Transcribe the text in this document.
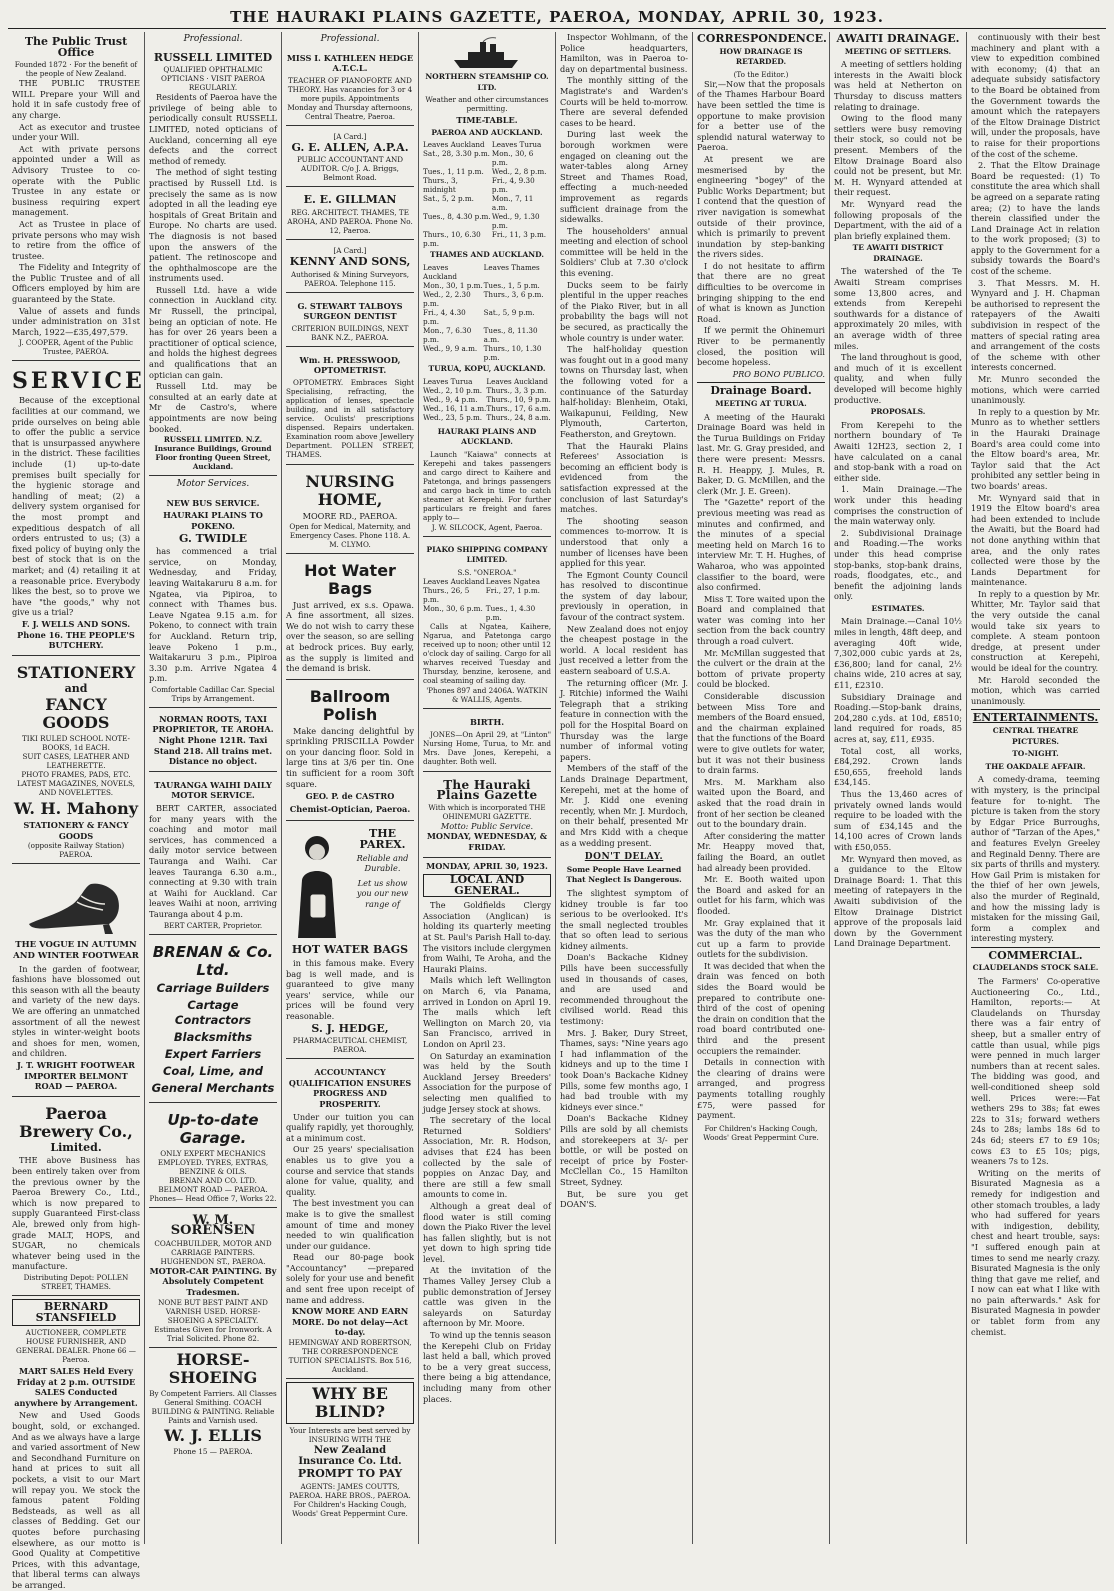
THE HAURAKI PLAINS GAZETTE, PAEROA, MONDAY, APRIL 30, 1923.
The Public Trust Office
Founded 1872 · For the benefit of the people of New Zealand.

THE PUBLIC TRUSTEE WILL Prepare your Will and hold it in safe custody free of any charge.

Act as executor and trustee under your Will.

Act with private persons appointed under a Will as Advisory Trustee to co-operate with the Public Trustee in any estate or business requiring expert management.

Act as Trustee in place of private persons who may wish to retire from the office of trustee.

The Fidelity and Integrity of the Public Trustee and of all Officers employed by him are guaranteed by the State.

Value of assets and funds under administration on 31st March, 1922—£35,497,579.

J. COOPER, Agent of the Public Trustee, PAEROA.
SERVICE

Because of the exceptional facilities at our command, we pride ourselves on being able to offer the public a service that is unsurpassed anywhere in the district. These facilities include (1) up-to-date premises built specially for the hygienic storage and handling of meat; (2) a delivery system organised for the most prompt and expeditious despatch of all orders entrusted to us; (3) a fixed policy of buying only the best of stock that is on the market; and (4) retailing it at a reasonable price. Everybody likes the best, so to prove we have "the goods," why not give us a trial?

F. J. WELLS AND SONS. Phone 16. THE PEOPLE'S BUTCHERY.
STATIONERY
and
FANCY GOODS
TIKI RULED SCHOOL NOTE-BOOKS, 1d EACH.
SUIT CASES, LEATHER AND LEATHERETTE.
PHOTO FRAMES, PADS, ETC.
LATEST MAGAZINES, NOVELS, AND NOVELETTES.
W. H. Mahony
STATIONERY & FANCY GOODS
(opposite Railway Station) PAEROA.
THE VOGUE IN AUTUMN AND WINTER FOOTWEAR

In the garden of footwear, fashions have blossomed out this season with all the beauty and variety of the new days. We are offering an unmatched assortment of all the newest styles in winter-weight boots and shoes for men, women, and children.

J. T. WRIGHT FOOTWEAR IMPORTER BELMONT ROAD — PAEROA.
Paeroa Brewery Co.,
Limited.

THE above Business has been entirely taken over from the previous owner by the Paeroa Brewery Co., Ltd., which is now prepared to supply Guaranteed First-class Ale, brewed only from high-grade MALT, HOPS, and SUGAR, no chemicals whatever being used in the manufacture.

Distributing Depot: POLLEN STREET, THAMES.
BERNARD STANSFIELD
AUCTIONEER, COMPLETE HOUSE FURNISHER, AND GENERAL DEALER. Phone 66 — Paeroa.
MART SALES Held Every Friday at 2 p.m. OUTSIDE SALES Conducted anywhere by Arrangement.

New and Used Goods bought, sold, or exchanged. And as we always have a large and varied assortment of New and Secondhand Furniture on hand at prices to suit all pockets, a visit to our Mart will repay you. We stock the famous patent Folding Bedsteads, as well as all classes of Bedding. Get our quotes before purchasing elsewhere, as our motto is Good Quality at Competitive Prices, with this advantage, that liberal terms can always be arranged.

Professional.
RUSSELL LIMITED
QUALIFIED OPHTHALMIC OPTICIANS · VISIT PAEROA REGULARLY.

Residents of Paeroa have the privilege of being able to periodically consult RUSSELL LIMITED, noted opticians of Auckland, concerning all eye defects and the correct method of remedy.

The method of sight testing practised by Russell Ltd. is precisely the same as is now adopted in all the leading eye hospitals of Great Britain and Europe. No charts are used. The diagnosis is not based upon the answers of the patient. The retinoscope and the ophthalmoscope are the instruments used.

Russell Ltd. have a wide connection in Auckland city. Mr Russell, the principal, being an optician of note. He has for over 26 years been a practitioner of optical science, and holds the highest degrees and qualifications that an optician can gain.

Russell Ltd. may be consulted at an early date at Mr de Castro's, where appointments are now being booked.

RUSSELL LIMITED. N.Z. Insurance Buildings, Ground Floor fronting Queen Street, Auckland.
Motor Services.
NEW BUS SERVICE.
HAURAKI PLAINS TO POKENO.
G. TWIDLE

has commenced a trial service, on Monday, Wednesday, and Friday, leaving Waitakaruru 8 a.m. for Ngatea, via Pipiroa, to connect with Thames bus. Leave Ngatea 9.15 a.m. for Pokeno, to connect with train for Auckland. Return trip, leave Pokeno 1 p.m., Waitakaruru 3 p.m., Pipiroa 3.30 p.m. Arrive Ngatea 4 p.m.

Comfortable Cadillac Car. Special Trips by Arrangement.
NORMAN ROOTS, TAXI PROPRIETOR, TE AROHA. Night Phone 121R. Taxi Stand 218. All trains met. Distance no object.
TAURANGA WAIHI DAILY MOTOR SERVICE.

BERT CARTER, associated for many years with the coaching and motor mail services, has commenced a daily motor service between Tauranga and Waihi. Car leaves Tauranga 6.30 a.m., connecting at 9.30 with train at Waihi for Auckland. Car leaves Waihi at noon, arriving Tauranga about 4 p.m.

BERT CARTER, Proprietor.
BRENAN & Co. Ltd.
Carriage Builders
Cartage Contractors
Blacksmiths
Expert Farriers
Coal, Lime, and
General Merchants
Up-to-date Garage.
ONLY EXPERT MECHANICS EMPLOYED. TYRES, EXTRAS, BENZINE & OILS.
BRENAN AND CO. LTD. BELMONT ROAD — PAEROA. Phones— Head Office 7, Works 22.
W. M. SORENSEN
COACHBUILDER, MOTOR AND CARRIAGE PAINTERS. HUGHENDON ST., PAEROA.
MOTOR-CAR PAINTING. By Absolutely Competent Tradesmen.
NONE BUT BEST PAINT AND VARNISH USED. HORSE-SHOEING A SPECIALTY.
Estimates Given for Ironwork. A Trial Solicited. Phone 82.
HORSE-SHOEING
By Competent Farriers. All Classes General Smithing. COACH BUILDING & PAINTING. Reliable Paints and Varnish used.
W. J. ELLIS
Phone 15 — PAEROA.
Professional.
MISS I. KATHLEEN HEDGE A.T.C.L.
TEACHER OF PIANOFORTE AND THEORY. Has vacancies for 3 or 4 more pupils. Appointments Monday and Thursday afternoons, Central Theatre, Paeroa.
[A Card.]
G. E. ALLEN, A.P.A.
PUBLIC ACCOUNTANT AND AUDITOR. C/o J. A. Briggs, Belmont Road.
E. E. GILLMAN
REG. ARCHITECT. THAMES, TE AROHA, AND PAEROA. Phone No. 12, Paeroa.
[A Card.]
KENNY AND SONS,
Authorised & Mining Surveyors, PAEROA. Telephone 115.
G. STEWART TALBOYS SURGEON DENTIST
CRITERION BUILDINGS, NEXT BANK N.Z., PAEROA.
Wm. H. PRESSWOOD, OPTOMETRIST.

OPTOMETRY. Embraces Sight Specialising, refracting, the application of lenses, spectacle building, and in all satisfactory service. Oculists' prescriptions dispensed. Repairs undertaken. Examination room above Jewellery Department. POLLEN STREET, THAMES.

NURSING HOME,
MOORE RD., PAEROA.
Open for Medical, Maternity, and Emergency Cases. Phone 118. A. M. CLYMO.
Hot Water Bags

Just arrived, ex s.s. Opawa. A fine assortment, all sizes. We do not wish to carry these over the season, so are selling at bedrock prices. Buy early, as the supply is limited and the demand is brisk.

Ballroom Polish

Make dancing delightful by sprinkling PRISCILLA Powder on your dancing floor. Sold in large tins at 3/6 per tin. One tin sufficient for a room 30ft square.

GEO. P. de CASTRO
Chemist-Optician, Paeroa.
THE PAREX.
Reliable and Durable.
Let us show you our new range of
HOT WATER BAGS

in this famous make. Every bag is well made, and is guaranteed to give many years' service, while our prices will be found very reasonable.

S. J. HEDGE,
PHARMACEUTICAL CHEMIST, PAEROA.
ACCOUNTANCY QUALIFICATION ENSURES PROGRESS AND PROSPERITY.

Under our tuition you can qualify rapidly, yet thoroughly, at a minimum cost.

Our 25 years' specialisation enables us to give you a course and service that stands alone for value, quality, and quality.

The best investment you can make is to give the smallest amount of time and money needed to win qualification under our guidance.

Read our 80-page book "Accountancy" —prepared solely for your use and benefit and sent free upon receipt of name and address.

KNOW MORE AND EARN MORE. Do not delay—Act to-day.
HEMINGWAY AND ROBERTSON, THE CORRESPONDENCE TUITION SPECIALISTS. Box 516, Auckland.
WHY BE BLIND?
Your Interests are best served by INSURING WITH THE
New Zealand Insurance Co. Ltd.
PROMPT TO PAY
AGENTS: JAMES COUTTS, PAEROA. HARE BROS., PAEROA.
For Children's Hacking Cough, Woods' Great Peppermint Cure.
NORTHERN STEAMSHIP CO. LTD.
Weather and other circumstances permitting.
TIME-TABLE.
PAEROA AND AUCKLAND.
Leaves Auckland	Leaves Turua
Sat., 28, 3.30 p.m.	Mon., 30, 6 p.m.
Tues., 1, 11 p.m.	Wed., 2, 8 p.m.
Thurs., 3, midnight	Fri., 4, 9.30 p.m.
Sat., 5, 2 p.m.	Mon., 7, 11 a.m.
Tues., 8, 4.30 p.m.	Wed., 9, 1.30 p.m.
Thurs., 10, 6.30 p.m.	Fri., 11, 3 p.m.
THAMES AND AUCKLAND.
Leaves Auckland	Leaves Thames
Mon., 30, 1 p.m.	Tues., 1, 5 p.m.
Wed., 2, 2.30 p.m.	Thurs., 3, 6 p.m.
Fri., 4, 4.30 p.m.	Sat., 5, 9 p.m.
Mon., 7, 6.30 p.m.	Tues., 8, 11.30 a.m.
Wed., 9, 9 a.m.	Thurs., 10, 1.30 p.m.
TURUA, KOPU, AUCKLAND.
Leaves Turua	Leaves Auckland
Wed., 2, 10 p.m.	Thurs., 3, 3 p.m.
Wed., 9, 4 p.m.	Thurs., 10, 9 p.m.
Wed., 16, 11 a.m.	Thurs., 17, 6 a.m.
Wed., 23, 5 p.m.	Thurs., 24, 8 a.m.
HAURAKI PLAINS AND AUCKLAND.

Launch "Kaiawa" connects at Kerepehi and takes passengers and cargo direct to Kaihere and Patetonga, and brings passengers and cargo back in time to catch steamer at Kerepehi. For further particulars re freight and fares apply to—

J. W. SILCOCK, Agent, Paeroa.
PIAKO SHIPPING COMPANY LIMITED.
S.S. "ONEROA."
Leaves Auckland	Leaves Ngatea
Thurs., 26, 5 p.m.	Fri., 27, 1 p.m.
Mon., 30, 6 p.m.	Tues., 1, 4.30 p.m.

Calls at Ngatea, Kaihere, Ngarua, and Patetonga cargo received up to noon; other until 12 o'clock day of sailing. Cargo for all wharves received Tuesday and Thursday, benzine, kerosene, and coal steaming of sailing day.

'Phones 897 and 2406A. WATKIN & WALLIS, Agents.
BIRTH.

JONES—On April 29, at "Linton" Nursing Home, Turua, to Mr. and Mrs. Dave Jones, Kerepehi, a daughter. Both well.

The Hauraki Plains Gazette
With which is incorporated THE OHINEMURI GAZETTE.
Motto: Public Service.
MONDAY, WEDNESDAY, & FRIDAY.
MONDAY, APRIL 30, 1923.
LOCAL AND GENERAL.

The Goldfields Clergy Association (Anglican) is holding its quarterly meeting at St. Paul's Parish Hall to-day. The visitors include clergymen from Waihi, Te Aroha, and the Hauraki Plains.

Mails which left Wellington on March 6, via Panama, arrived in London on April 19. The mails which left Wellington on March 20, via San Francisco, arrived in London on April 23.

On Saturday an examination was held by the South Auckland Jersey Breeders' Association for the purpose of selecting men qualified to judge Jersey stock at shows.

The secretary of the local Returned Soldiers' Association, Mr. R. Hodson, advises that £24 has been collected by the sale of poppies on Anzac Day, and there are still a few small amounts to come in.

Although a great deal of flood water is still coming down the Piako River the level has fallen slightly, but is not yet down to high spring tide level.

At the invitation of the Thames Valley Jersey Club a public demonstration of Jersey cattle was given in the saleyards on Saturday afternoon by Mr. Moore.

To wind up the tennis season the Kerepehi Club on Friday last held a ball, which proved to be a very great success, there being a big attendance, including many from other places.

Inspector Wohlmann, of the Police headquarters, Hamilton, was in Paeroa to-day on departmental business.

The monthly sitting of the Magistrate's and Warden's Courts will be held to-morrow. There are several defended cases to be heard.

During last week the borough workmen were engaged on cleaning out the water-tables along Arney Street and Thames Road, effecting a much-needed improvement as regards sufficient drainage from the sidewalks.

The householders' annual meeting and election of school committee will be held in the Soldiers' Club at 7.30 o'clock this evening.

Ducks seem to be fairly plentiful in the upper reaches of the Piako River, but in all probability the bags will not be secured, as practically the whole country is under water.

The half-holiday question was fought out in a good many towns on Thursday last, when the following voted for a continuance of the Saturday half-holiday: Blenheim, Otaki, Waikapunui, Feilding, New Plymouth, Carterton, Featherston, and Greytown.

That the Hauraki Plains Referees' Association is becoming an efficient body is evidenced from the satisfaction expressed at the conclusion of last Saturday's matches.

The shooting season commences to-morrow. It is understood that only a number of licenses have been applied for this year.

The Egmont County Council has resolved to discontinue the system of day labour, previously in operation, in favour of the contract system.

New Zealand does not enjoy the cheapest postage in the world. A local resident has just received a letter from the eastern seaboard of U.S.A.

The returning officer (Mr. J. J. Ritchie) informed the Waihi Telegraph that a striking feature in connection with the poll for the Hospital Board on Thursday was the large number of informal voting papers.

Members of the staff of the Lands Drainage Department, Kerepehi, met at the home of Mr. J. Kidd one evening recently, when Mr. J. Murdoch, on their behalf, presented Mr and Mrs Kidd with a cheque as a wedding present.

DON'T DELAY.
Some People Have Learned That Neglect Is Dangerous.

The slightest symptom of kidney trouble is far too serious to be overlooked. It's the small neglected troubles that so often lead to serious kidney ailments.

Doan's Backache Kidney Pills have been successfully used in thousands of cases, and are used and recommended throughout the civilised world. Read this testimony:

Mrs. J. Baker, Dury Street, Thames, says: "Nine years ago I had inflammation of the kidneys and up to the time I took Doan's Backache Kidney Pills, some few months ago, I had bad trouble with my kidneys ever since."

Doan's Backache Kidney Pills are sold by all chemists and storekeepers at 3/- per bottle, or will be posted on receipt of price by Foster-McClellan Co., 15 Hamilton Street, Sydney.

But, be sure you get DOAN'S.

CORRESPONDENCE.
HOW DRAINAGE IS RETARDED.
(To the Editor.)

Sir,—Now that the proposals of the Thames Harbour Board have been settled the time is opportune to make provision for a better use of the splendid natural waterway to Paeroa.

At present we are mesmerised by the engineering "bogey" of the Public Works Department; but I contend that the question of river navigation is somewhat outside of their province, which is primarily to prevent inundation by step-banking the rivers sides.

I do not hesitate to affirm that there are no great difficulties to be overcome in bringing shipping to the end of what is known as Junction Road.

If we permit the Ohinemuri River to be permanently closed, the position will become hopeless.

PRO BONO PUBLICO.
Drainage Board.
MEETING AT TURUA.

A meeting of the Hauraki Drainage Board was held in the Turua Buildings on Friday last. Mr. G. Gray presided, and there were present: Messrs. R. H. Heappy, J. Mules, R. Baker, D. G. McMillen, and the clerk (Mr. J. E. Green).

The "Gazette" report of the previous meeting was read as minutes and confirmed, and the minutes of a special meeting held on March 16 to interview Mr. T. H. Hughes, of Waharoa, who was appointed classifier to the board, were also confirmed.

Miss T. Tore waited upon the Board and complained that water was coming into her section from the back country through a road culvert.

Mr. McMillan suggested that the culvert or the drain at the bottom of private property could be blocked.

Considerable discussion between Miss Tore and members of the Board ensued, and the chairman explained that the functions of the Board were to give outlets for water, but it was not their business to drain farms.

Mrs. M. Markham also waited upon the Board, and asked that the road drain in front of her section be cleaned out to the boundary drain.

After considering the matter Mr. Heappy moved that, failing the Board, an outlet had already been provided.

Mr. E. Booth waited upon the Board and asked for an outlet for his farm, which was flooded.

Mr. Gray explained that it was the duty of the man who cut up a farm to provide outlets for the subdivision.

It was decided that when the drain was fenced on both sides the Board would be prepared to contribute one-third of the cost of opening the drain on condition that the road board contributed one-third and the present occupiers the remainder.

Details in connection with the clearing of drains were arranged, and progress payments totalling roughly £75, were passed for payment.

For Children's Hacking Cough, Woods' Great Peppermint Cure.
AWAITI DRAINAGE.
MEETING OF SETTLERS.

A meeting of settlers holding interests in the Awaiti block was held at Netherton on Thursday to discuss matters relating to drainage.

Owing to the flood many settlers were busy removing their stock, so could not be present. Members of the Eltow Drainage Board also could not be present, but Mr. M. H. Wynyard attended at their request.

Mr. Wynyard read the following proposals of the Department, with the aid of a plan briefly explained them.

TE AWAITI DISTRICT DRAINAGE.

The watershed of the Te Awaiti Stream comprises some 13,800 acres, and extends from Kerepehi southwards for a distance of approximately 20 miles, with an average width of three miles.

The land throughout is good, and much of it is excellent quality, and when fully developed will become highly productive.

PROPOSALS.

From Kerepehi to the northern boundary of Te Awaiti 12H23, section 2, I have calculated on a canal and stop-bank with a road on either side.

1. Main Drainage.—The work under this heading comprises the construction of the main waterway only.

2. Subdivisional Drainage and Roading.—The works under this head comprise stop-banks, stop-bank drains, roads, floodgates, etc., and benefit the adjoining lands only.

ESTIMATES.

Main Drainage.—Canal 10½ miles in length, 48ft deep, and averaging 40ft wide, 7,302,000 cubic yards at 2s, £36,800; land for canal, 2½ chains wide, 210 acres at say, £11, £2310.

Subsidiary Drainage and Roading.—Stop-bank drains, 204,280 c.yds. at 10d, £8510; land required for roads, 85 acres at, say, £11, £935.

Total cost, all works, £84,292. Crown lands £50,655, freehold lands £34,145.

Thus the 13,460 acres of privately owned lands would require to be loaded with the sum of £34,145 and the 14,100 acres of Crown lands with £50,055.

Mr. Wynyard then moved, as a guidance to the Eltow Drainage Board: 1. That this meeting of ratepayers in the Awaiti subdivision of the Eltow Drainage District approve of the proposals laid down by the Government Land Drainage Department.

continuously with their best machinery and plant with a view to expedition combined with economy; (4) that an adequate subsidy satisfactory to the Board be obtained from the Government towards the amount which the ratepayers of the Eltow Drainage District will, under the proposals, have to raise for their proportions of the cost of the scheme.

2. That the Eltow Drainage Board be requested: (1) To constitute the area which shall be agreed on a separate rating area; (2) to have the lands therein classified under the Land Drainage Act in relation to the work proposed; (3) to apply to the Government for a subsidy towards the Board's cost of the scheme.

3. That Messrs. M. H. Wynyard and J. H. Chapman be authorised to represent the ratepayers of the Awaiti subdivision in respect of the matters of special rating area and arrangement of the costs of the scheme with other interests concerned.

Mr. Munro seconded the motions, which were carried unanimously.

In reply to a question by Mr. Munro as to whether settlers in the Hauraki Drainage Board's area could come into the Eltow board's area, Mr. Taylor said that the Act prohibited any settler being in two boards' areas.

Mr. Wynyard said that in 1919 the Eltow board's area had been extended to include the Awaiti, but the Board had not done anything within that area, and the only rates collected were those by the Lands Department for maintenance.

In reply to a question by Mr. Whitter, Mr. Taylor said that the very outside the canal would take six years to complete. A steam pontoon dredge, at present under construction at Kerepehi, would be ideal for the country.

Mr. Harold seconded the motion, which was carried unanimously.

ENTERTAINMENTS.
CENTRAL THEATRE PICTURES.
TO-NIGHT.
THE OAKDALE AFFAIR.

A comedy-drama, teeming with mystery, is the principal feature for to-night. The picture is taken from the story by Edgar Price Burroughs, author of "Tarzan of the Apes," and features Evelyn Greeley and Reginald Denny. There are six parts of thrills and mystery. How Gail Prim is mistaken for the thief of her own jewels, also the murder of Reginald, and how the missing lady is mistaken for the missing Gail, form a complex and interesting mystery.

COMMERCIAL.
CLAUDELANDS STOCK SALE.

The Farmers' Co-operative Auctioneering Co., Ltd., Hamilton, reports:— At Claudelands on Thursday there was a fair entry of sheep, but a smaller entry of cattle than usual, while pigs were penned in much larger numbers than at recent sales. The bidding was good, and well-conditioned sheep sold well. Prices were:—Fat wethers 29s to 38s; fat ewes 22s to 31s; forward wethers 24s to 28s; lambs 18s 6d to 24s 6d; steers £7 to £9 10s; cows £3 to £5 10s; pigs, weaners 7s to 12s.

Writing on the merits of Bisurated Magnesia as a remedy for indigestion and other stomach troubles, a lady who had suffered for years with indigestion, debility, chest and heart trouble, says: "I suffered enough pain at times to send me nearly crazy. Bisurated Magnesia is the only thing that gave me relief, and I now can eat what I like with no pain afterwards." Ask for Bisurated Magnesia in powder or tablet form from any chemist.
